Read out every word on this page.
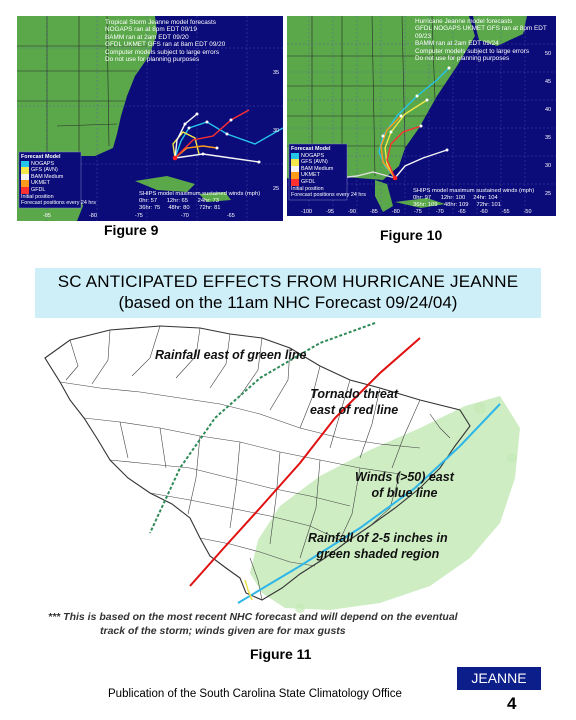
Tropical Storm Jeanne model forecasts
NOGAPS ran at 8pm EDT 09/19
BAMM ran at 2am EDT 09/20
GFDL UKMET GFS ran at 8am EDT 09/20
Computer models subject to large errors
Do not use for planning purposes
Forecast Model
NOGAPS
GFS (AVN)
BAM Medium
UKMET
GFDL
Initial position
Forecast positions every 24 hrs
SHIPS model maximum sustained winds (mph)
0hr: 57      12hr: 65      24hr: 73
36hr: 75     48hr: 80      72hr: 81
35
30
25
-85	-80	-75	-70	-65
Figure 9
Hurricane Jeanne model forecasts
GFDL NOGAPS UKMET GFS ran at 8pm EDT 09/23
BAMM ran at 2am EDT 09/24
Computer models subject to large errors
Do not use for planning purposes
Forecast Model
NOGAPS
GFS (AVN)
BAM Medium
UKMET
GFDL
Initial position
Forecast positions every 24 hrs
SHIPS model maximum sustained winds (mph)
0hr: 97      12hr: 100     24hr: 104
36hr: 109    48hr: 109     72hr: 101
50
45
40
35
30
25
-100	-95	-90	-85	-80	-75	-70	-65	-60	-55	-50
Figure 10
SC ANTICIPATED EFFECTS FROM HURRICANE JEANNE
(based on the 11am NHC Forecast 09/24/04)
Rainfall east of green line
Tornado threat
east of red line
Winds (>50) east
of blue line
Rainfall of 2-5 inches in
green shaded region
*** This is based on the most recent NHC forecast and will depend on the eventual
track of the storm; winds given are for max gusts
Figure 11
Publication of the South Carolina State Climatology Office
JEANNE
4
